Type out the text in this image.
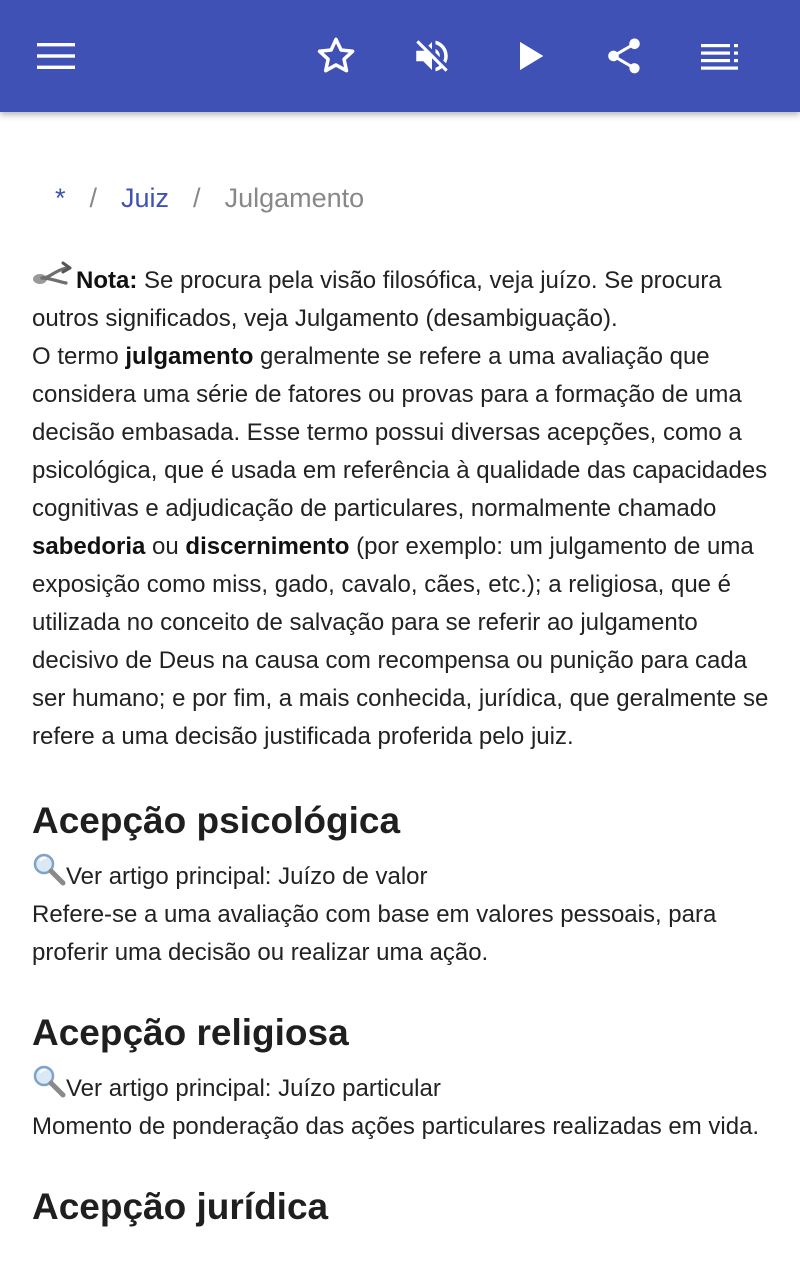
* / Juiz / Julgamento

Nota: Se procura pela visão filosófica, veja juízo. Se procura outros significados, veja Julgamento (desambiguação).

O termo julgamento geralmente se refere a uma avaliação que considera uma série de fatores ou provas para a formação de uma decisão embasada. Esse termo possui diversas acepções, como a psicológica, que é usada em referência à qualidade das capacidades cognitivas e adjudicação de particulares, normalmente chamado sabedoria ou discernimento (por exemplo: um julgamento de uma exposição como miss, gado, cavalo, cães, etc.); a religiosa, que é utilizada no conceito de salvação para se referir ao julgamento decisivo de Deus na causa com recompensa ou punição para cada ser humano; e por fim, a mais conhecida, jurídica, que geralmente se refere a uma decisão justificada proferida pelo juiz.

Acepção psicológica

Ver artigo principal: Juízo de valor

Refere-se a uma avaliação com base em valores pessoais, para proferir uma decisão ou realizar uma ação.

Acepção religiosa

Ver artigo principal: Juízo particular

Momento de ponderação das ações particulares realizadas em vida.

Acepção jurídica
